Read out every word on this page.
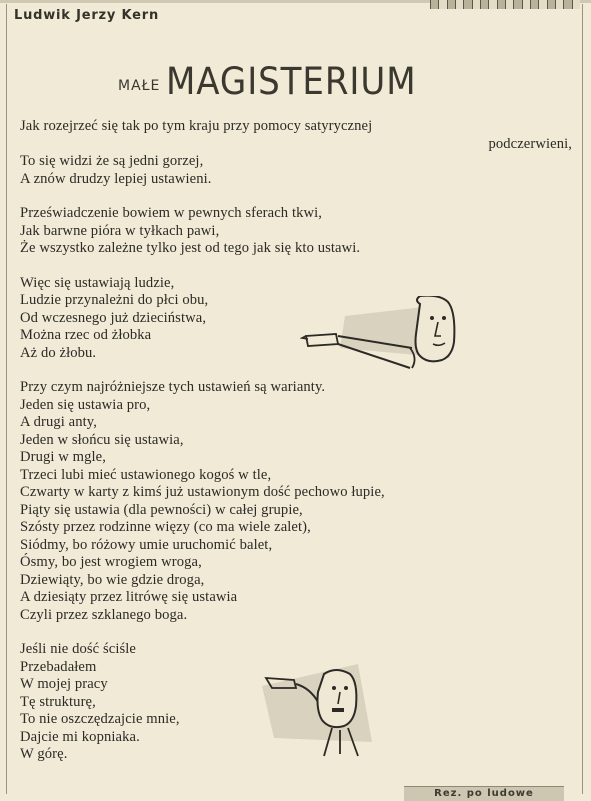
Ludwik Jerzy Kern
MAŁE MAGISTERIUM
Jak rozejrzeć się tak po tym kraju przy pomocy satyrycznej
podczerwieni,
To się widzi że są jedni gorzej,
A znów drudzy lepiej ustawieni.
Przeświadczenie bowiem w pewnych sferach tkwi,
Jak barwne pióra w tyłkach pawi,
Że wszystko zależne tylko jest od tego jak się kto ustawi.
Więc się ustawiają ludzie,
Ludzie przynależni do płci obu,
Od wczesnego już dzieciństwa,
Można rzec od żłobka
Aż do żłobu.
Przy czym najróżniejsze tych ustawień są warianty.
Jeden się ustawia pro,
A drugi anty,
Jeden w słońcu się ustawia,
Drugi w mgle,
Trzeci lubi mieć ustawionego kogoś w tle,
Czwarty w karty z kimś już ustawionym dość pechowo łupie,
Piąty się ustawia (dla pewności) w całej grupie,
Szósty przez rodzinne więzy (co ma wiele zalet),
Siódmy, bo różowy umie uruchomić balet,
Ósmy, bo jest wrogiem wroga,
Dziewiąty, bo wie gdzie droga,
A dziesiąty przez litrówę się ustawia
Czyli przez szklanego boga.
Jeśli nie dość ściśle
Przebadałem
W mojej pracy
Tę strukturę,
To nie oszczędzajcie mnie,
Dajcie mi kopniaka.
W górę.
Rez. po ludowe
